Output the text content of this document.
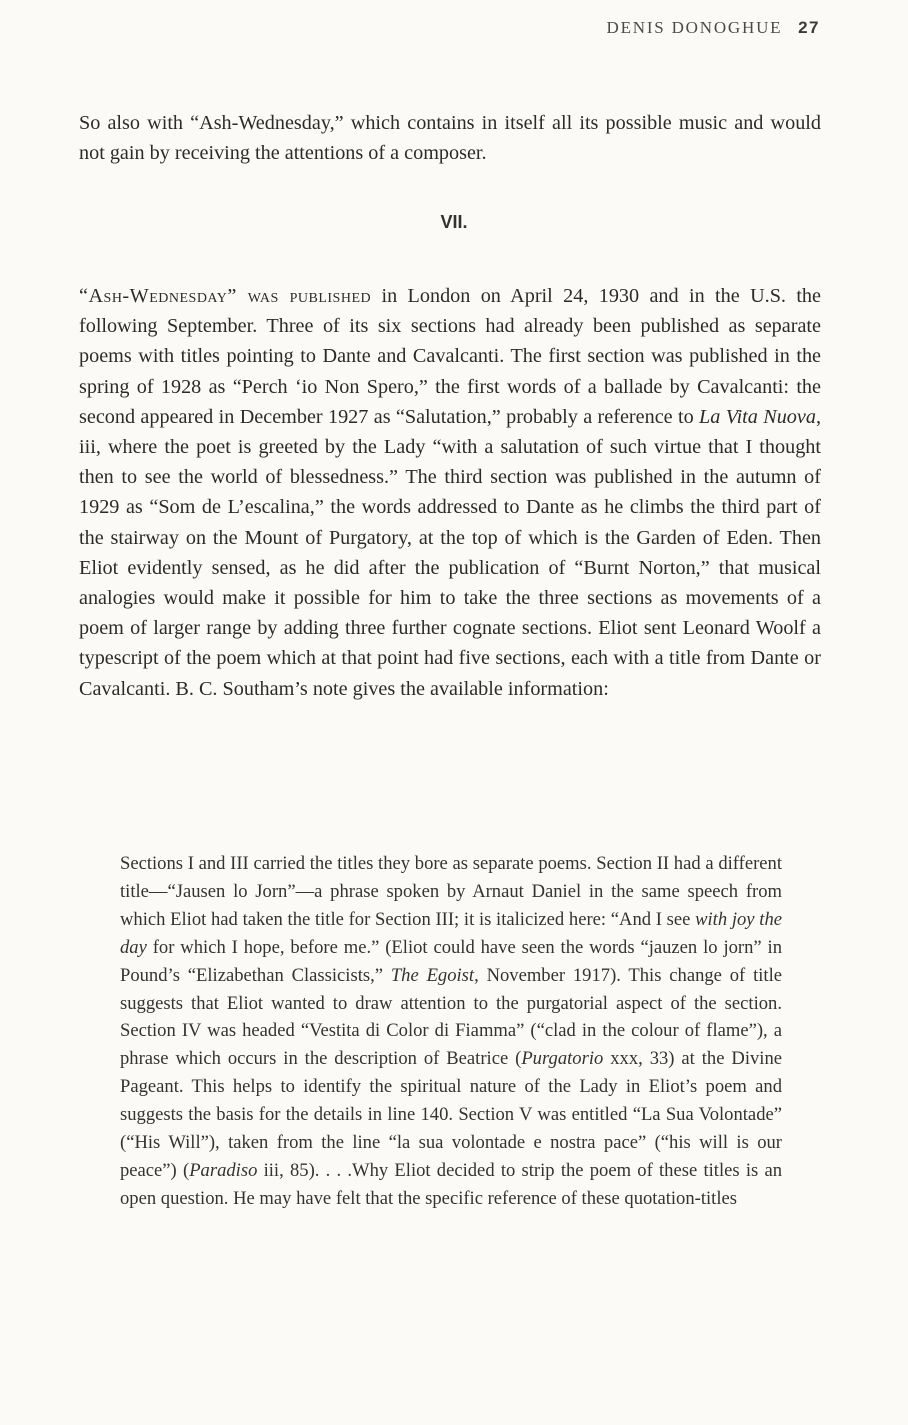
DENIS DONOGHUE 27

So also with “Ash-Wednesday,” which contains in itself all its possible music and would not gain by receiving the attentions of a composer.

VII.

“Ash-Wednesday” was published in London on April 24, 1930 and in the U.S. the following September. Three of its six sections had already been published as separate poems with titles pointing to Dante and Cavalcanti. The first section was published in the spring of 1928 as “Perch ‘io Non Spero,” the first words of a ballade by Cavalcanti: the second appeared in December 1927 as “Salutation,” probably a reference to La Vita Nuova, iii, where the poet is greeted by the Lady “with a salutation of such virtue that I thought then to see the world of blessedness.” The third section was published in the autumn of 1929 as “Som de L’escalina,” the words addressed to Dante as he climbs the third part of the stairway on the Mount of Purgatory, at the top of which is the Garden of Eden. Then Eliot evidently sensed, as he did after the publication of “Burnt Norton,” that musical analogies would make it possible for him to take the three sections as movements of a poem of larger range by adding three further cognate sections. Eliot sent Leonard Woolf a typescript of the poem which at that point had five sections, each with a title from Dante or Cavalcanti. B. C. Southam’s note gives the available information:

Sections I and III carried the titles they bore as separate poems. Section II had a different title—“Jausen lo Jorn”—a phrase spoken by Arnaut Daniel in the same speech from which Eliot had taken the title for Section III; it is italicized here: “And I see with joy the day for which I hope, before me.” (Eliot could have seen the words “jauzen lo jorn” in Pound’s “Elizabethan Classicists,” The Egoist, November 1917). This change of title suggests that Eliot wanted to draw attention to the purgatorial aspect of the section. Section IV was headed “Vestita di Color di Fiamma” (“clad in the colour of flame”), a phrase which occurs in the description of Beatrice (Purgatorio xxx, 33) at the Divine Pageant. This helps to identify the spiritual nature of the Lady in Eliot’s poem and suggests the basis for the details in line 140. Section V was entitled “La Sua Volontade” (“His Will”), taken from the line “la sua volontade e nostra pace” (“his will is our peace”) (Paradiso iii, 85). . . .Why Eliot decided to strip the poem of these titles is an open question. He may have felt that the specific reference of these quotation-titles
